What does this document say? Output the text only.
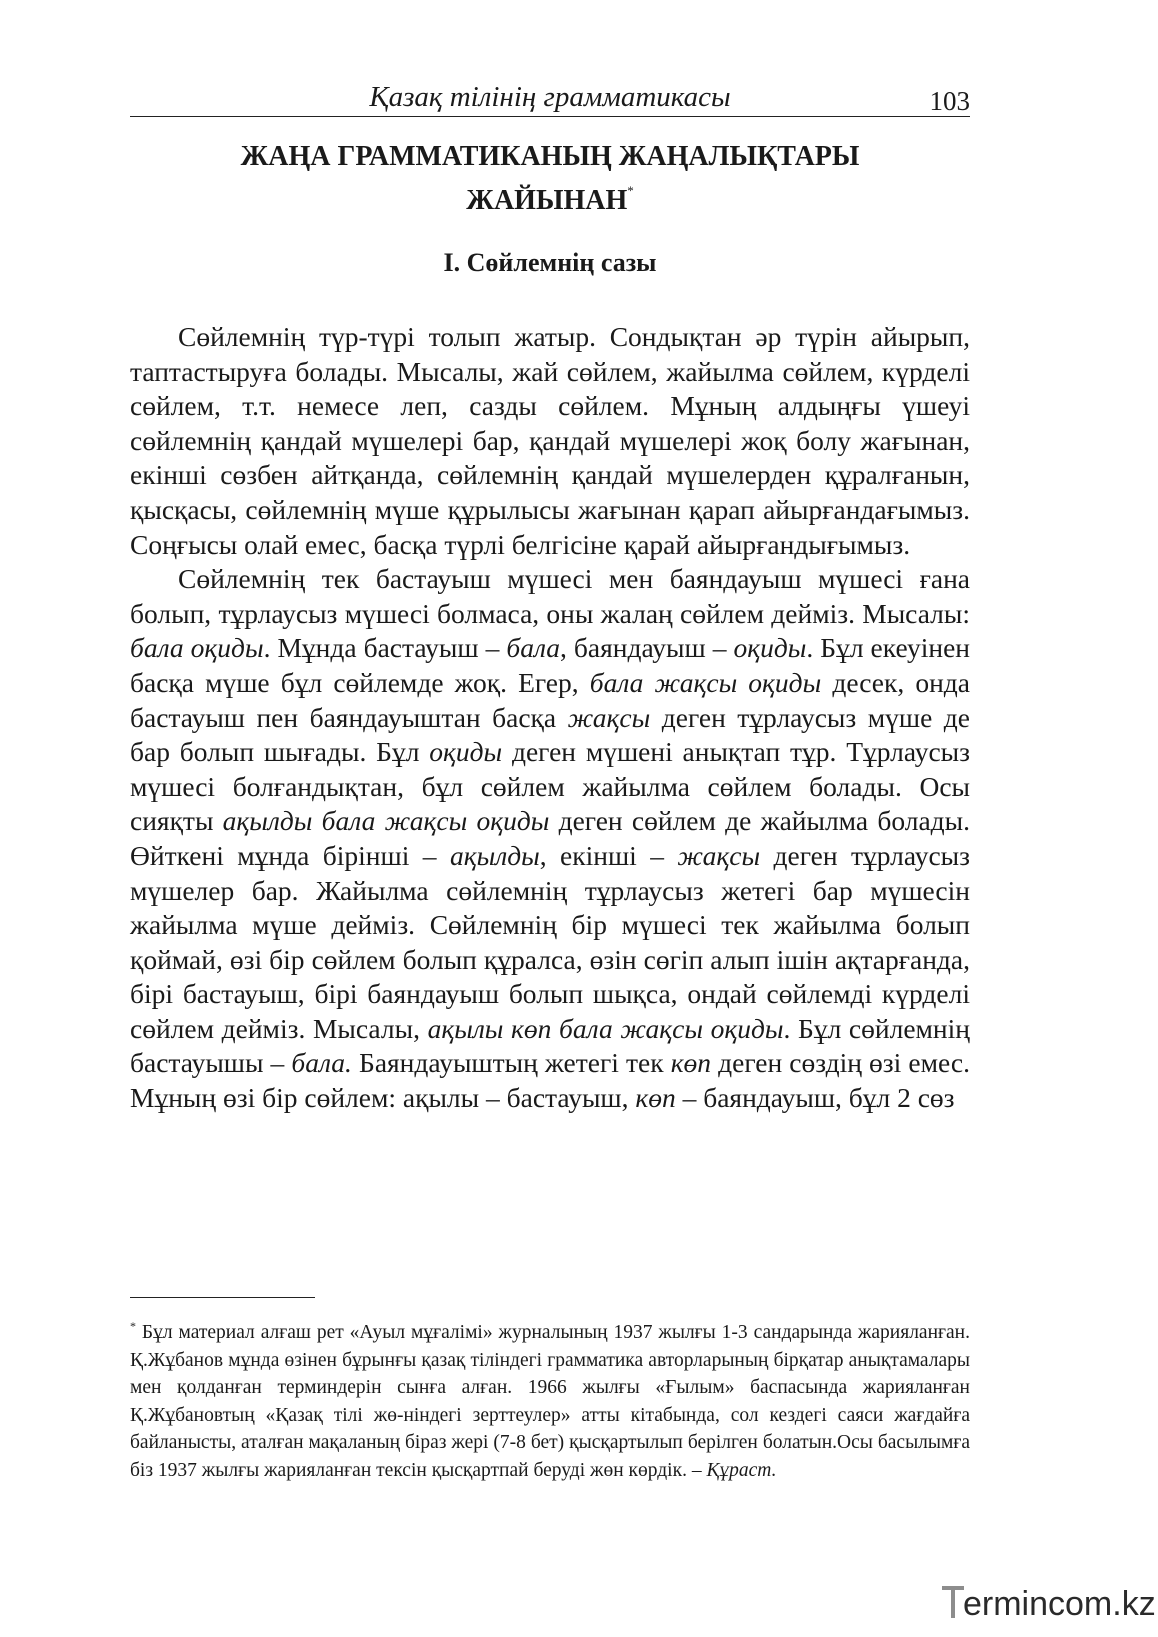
Қазақ тілінің грамматикасы	103
ЖАҢА ГРАММАТИКАНЫҢ ЖАҢАЛЫҚТАРЫ
ЖАЙЫНАН*
І. Сөйлемнің сазы

Сөйлемнің түр-түрі толып жатыр. Сондықтан әр түрін айырып, таптастыруға болады. Мысалы, жай сөйлем, жайылма сөйлем, күрделі сөйлем, т.т. немесе леп, сазды сөйлем. Мұның алдыңғы үшеуі сөйлемнің қандай мүшелері бар, қандай мүшелері жоқ болу жағынан, екінші сөзбен айтқанда, сөйлемнің қандай мүшелерден құралғанын, қысқасы, сөйлемнің мүше құрылысы жағынан қарап айырғандағымыз. Соңғысы олай емес, басқа түрлі белгісіне қарай айырғандығымыз.

Сөйлемнің тек бастауыш мүшесі мен баяндауыш мүшесі ғана болып, тұрлаусыз мүшесі болмаса, оны жалаң сөйлем дейміз. Мысалы: бала оқиды. Мұнда бастауыш – бала, баяндауыш – оқиды. Бұл екеуінен басқа мүше бұл сөйлемде жоқ. Егер, бала жақсы оқиды десек, онда бастауыш пен баяндауыштан басқа жақсы деген тұрлаусыз мүше де бар болып шығады. Бұл оқиды деген мүшені анықтап тұр. Тұрлаусыз мүшесі болғандықтан, бұл сөйлем жайылма сөйлем болады. Осы сияқты ақылды бала жақсы оқиды деген сөйлем де жайылма болады. Өйткені мұнда бірінші – ақылды, екінші – жақсы деген тұрлаусыз мүшелер бар. Жайылма сөйлемнің тұрлаусыз жетегі бар мүшесін жайылма мүше дейміз. Сөйлемнің бір мүшесі тек жайылма болып қоймай, өзі бір сөйлем болып құралса, өзін сөгіп алып ішін ақтарғанда, бірі бастауыш, бірі баяндауыш болып шықса, ондай сөйлемді күрделі сөйлем дейміз. Мысалы, ақылы көп бала жақсы оқиды. Бұл сөйлемнің бастауышы – бала. Баяндауыштың жетегі тек көп деген сөздің өзі емес. Мұның өзі бір сөйлем: ақылы – бастауыш, көп – баяндауыш, бұл 2 сөз

* Бұл материал алғаш рет «Ауыл мұғалімі» журналының 1937 жылғы 1-3 сандарында жарияланған. Қ.Жұбанов мұнда өзінен бұрынғы қазақ тіліндегі грамматика авторларының бірқатар анықтамалары мен қолданған терминдерін сынға алған. 1966 жылғы «Ғылым» баспасында жарияланған Қ.Жұбановтың «Қазақ тілі жө-ніндегі зерттеулер» атты кітабында, сол кездегі саяси жағдайға байланысты, аталған мақаланың біраз жері (7-8 бет) қысқартылып берілген болатын.Осы басылымға біз 1937 жылғы жарияланған тексін қысқартпай беруді жөн көрдік. – Құраст.
ermincom.kz
